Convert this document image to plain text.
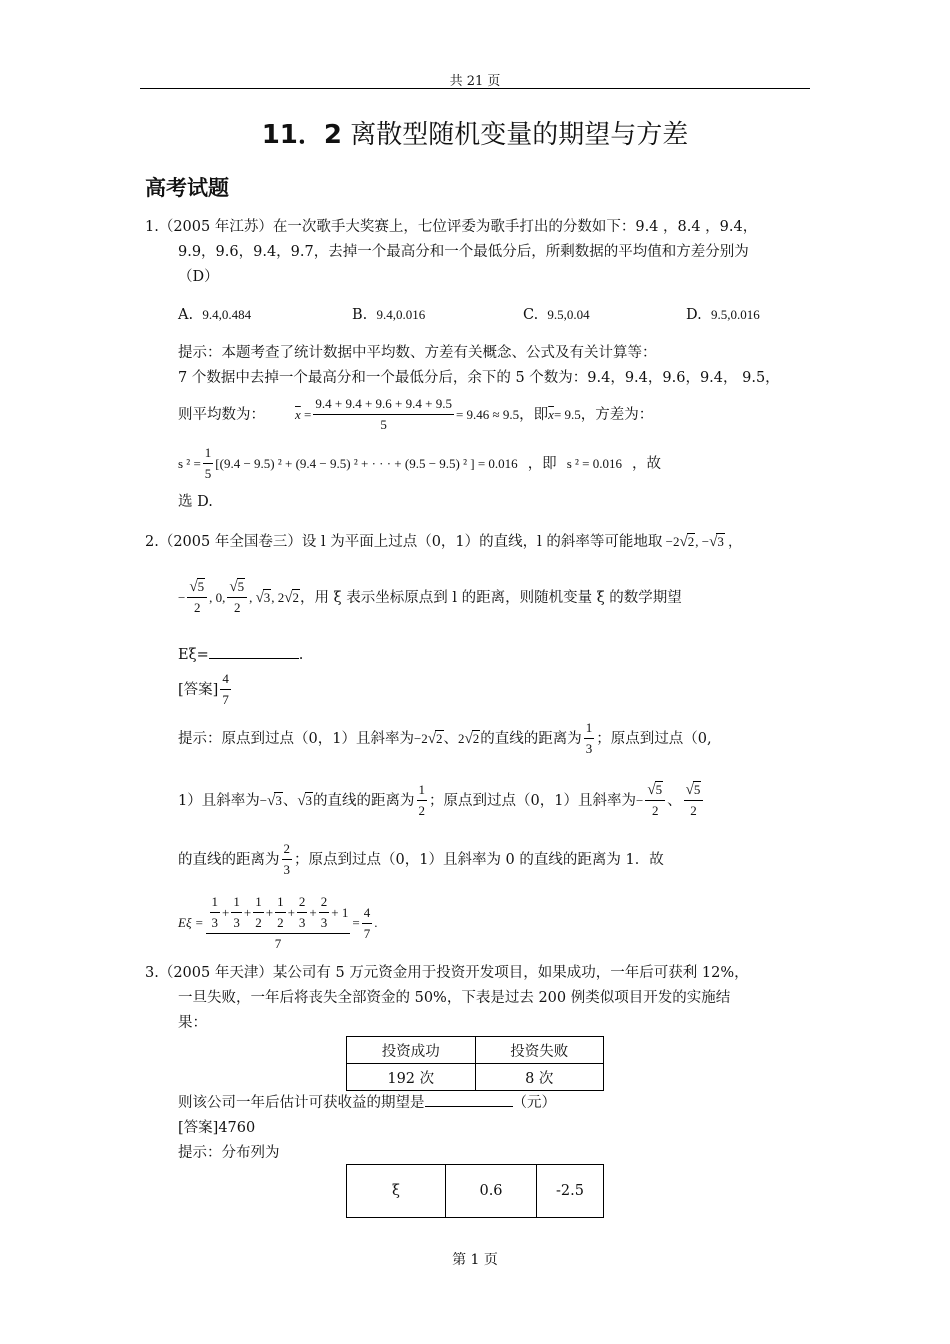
共 21 页
11．2 离散型随机变量的期望与方差
高考试题
1.（2005 年江苏）在一次歌手大奖赛上，七位评委为歌手打出的分数如下：9.4 ，8.4 ，9.4，
9.9，9.6，9.4，9.7，去掉一个最高分和一个最低分后，所剩数据的平均值和方差分别为
（D）
A. 9.4,0.484	B. 9.4,0.016	C. 9.5,0.04	D. 9.5,0.016
提示：本题考查了统计数据中平均数、方差有关概念、公式及有关计算等：
7 个数据中去掉一个最高分和一个最低分后，余下的 5 个数为：9.4，9.4，9.6，9.4， 9.5，
则平均数为： $\overline{x} = \frac{9.4 + 9.4 + 9.6 + 9.4 + 9.5}{5} = 9.46 \approx 9.5$ ，即 $\overline{x} = 9.5$ ，方差为：
s $^2 = \frac{1}{5} [(9.4 - 9.5) ^2 + (9.4 - 9.5) ^2$ + · · · + (9.5 − 9.5) ² ] = 0.016 ，即 s ² = 0.016 ，故
选 D.
2.（2005 年全国卷三）设 l 为平面上过点（0，1）的直线，l 的斜率等可能地取 −2√2, −√3 ，
− $\frac{√5}{2}$ , 0, $\frac{√5}{2}$ , √3, 2√2 ，用 ξ 表示坐标原点到 l 的距离，则随机变量 ξ 的数学期望
Eξ=	.
[答案] $\frac{4}{7}$
提示：原点到过点（0，1）且斜率为 −2√2 、 2√2 的直线的距离为 $\frac{1}{3}$ ；原点到过点（0,
1）且斜率为 −√3 、 √3 的直线的距离为 $\frac{1}{2}$ ；原点到过点（0，1）且斜率为 − $\frac{√5}{2}$ 、 $\frac{√5}{2}$
的直线的距离为 $\frac{2}{3}$ ；原点到过点（0，1）且斜率为 0 的直线的距离为 1．故
$E\xi = \frac{\frac{1}{3} + \frac{1}{3} + \frac{1}{2} + \frac{1}{2} + \frac{2}{3} + \frac{2}{3} + 1}{7} = \frac{4}{7}$ .
3.（2005 年天津）某公司有 5 万元资金用于投资开发项目，如果成功，一年后可获利 12%，
一旦失败，一年后将丧失全部资金的 50%，下表是过去 200 例类似项目开发的实施结
果：
投资成功	投资失败
192 次	8 次
则该公司一年后估计可获收益的期望是	（元）
[答案]4760
提示：分布列为
ξ	0.6	-2.5
第 1 页
